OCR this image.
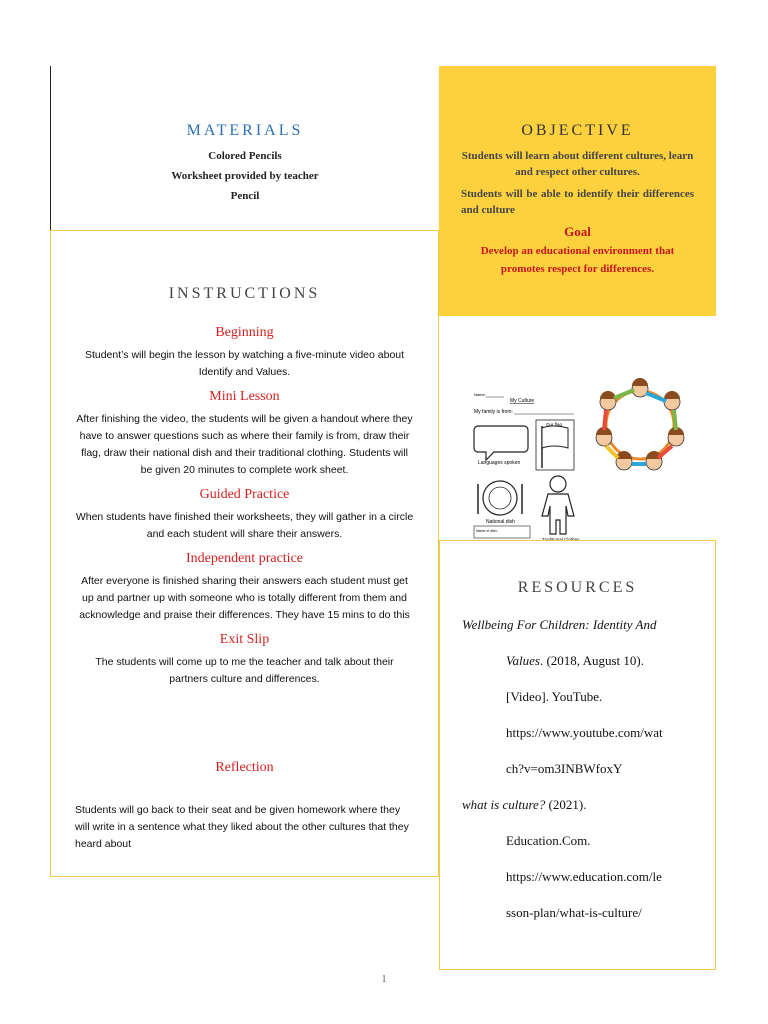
MATERIALS
Colored Pencils
Worksheet provided by teacher
Pencil
OBJECTIVE
Students will learn about different cultures, learn and respect other cultures.
Students will be able to identify their differences and culture
Goal
Develop an educational environment that promotes respect for differences.
INSTRUCTIONS
Beginning
Student’s will begin the lesson by watching a five-minute video about Identify and Values.
Mini Lesson
After finishing the video, the students will be given a handout where they have to answer questions such as where their family is from, draw their flag, draw their national dish and their traditional clothing. Students will be given 20 minutes to complete work sheet.
Guided Practice
When students have finished their worksheets, they will gather in a circle and each student will share their answers.
Independent practice
After everyone is finished sharing their answers each student must get up and partner up with someone who is totally different from them and acknowledge and praise their differences. They have 15 mins to do this
Exit Slip
The students will come up to me the teacher and talk about their partners culture and differences.
Reflection
Students will go back to their seat and be given homework where they will write in a sentence what they liked about the other cultures that they heard about
Name:
My Culture
My family is from:
Languages spoken
Our flag
National dish
Name of dish:
Traditional Clothes
RESOURCES
Wellbeing For Children: Identity And
Values. (2018, August 10).
[Video]. YouTube.
https://www.youtube.com/wat
ch?v=om3INBWfoxY
what is culture? (2021).
Education.Com.
https://www.education.com/le
sson-plan/what-is-culture/
1
